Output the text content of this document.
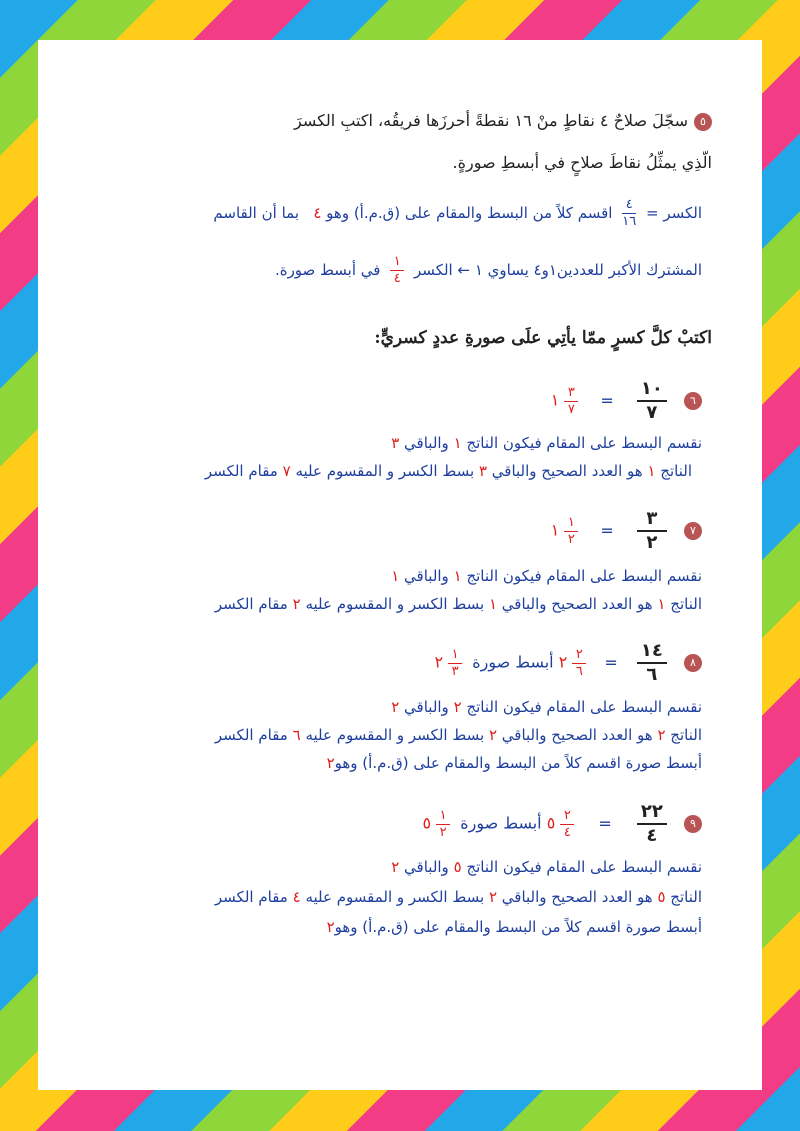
٥سجّلَ صلاحٌ ٤ نقاطٍ منْ ١٦ نقطةً أحرزَها فريقُه، اكتبِ الكسرَ
الّذِي يمثِّلُ نقاطَ صلاحٍ في أبسطِ صورةٍ.
الكسر =
$\frac{٤}{١٦}$
اقسم كلاً من البسط والمقام على (ق.م.أ) وهو ٤   بما أن القاسم
المشترك الأكبر للعددين١و٤ يساوي ١ ← الكسر
$\frac{١}{٤}$
في أبسط صورة.
اكتبْ كلَّ كسرٍ ممّا يأتِي علَى صورةِ عددٍ كسريٍّ:
٦
١٠
٧
=
$\frac{٣}{٧}$
١
نقسم البسط على المقام فيكون الناتج ١ والباقي ٣
الناتج ١ هو العدد الصحيح والباقي ٣ بسط الكسر و المقسوم عليه ٧ مقام الكسر
٧
٣
٢
=
$\frac{١}{٢}$
١
نقسم البسط على المقام فيكون الناتج ١ والباقي ١
الناتج ١ هو العدد الصحيح والباقي ١ بسط الكسر و المقسوم عليه ٢ مقام الكسر
٨
١٤
٦
=
$\frac{٢}{٦}$
٢ أبسط صورة
$\frac{١}{٣}$
٢
نقسم البسط على المقام فيكون الناتج ٢ والباقي ٢
الناتج ٢ هو العدد الصحيح والباقي ٢ بسط الكسر و المقسوم عليه ٦ مقام الكسر
أبسط صورة اقسم كلاً من البسط والمقام على (ق.م.أ) وهو٢
٩
٢٢
٤
=
$\frac{٢}{٤}$
٥ أبسط صورة
$\frac{١}{٢}$
٥
نقسم البسط على المقام فيكون الناتج ٥ والباقي ٢
الناتج ٥ هو العدد الصحيح والباقي ٢ بسط الكسر و المقسوم عليه ٤ مقام الكسر
أبسط صورة اقسم كلاً من البسط والمقام على (ق.م.أ) وهو٢
